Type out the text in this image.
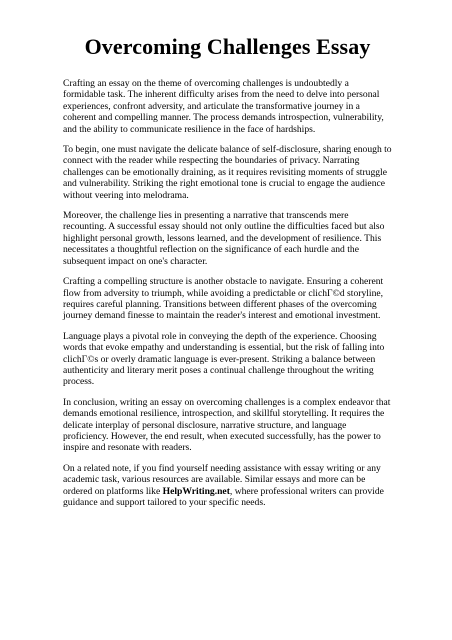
Overcoming Challenges Essay

Crafting an essay on the theme of overcoming challenges is undoubtedly a formidable task. The inherent difficulty arises from the need to delve into personal experiences, confront adversity, and articulate the transformative journey in a coherent and compelling manner. The process demands introspection, vulnerability, and the ability to communicate resilience in the face of hardships.

To begin, one must navigate the delicate balance of self-disclosure, sharing enough to connect with the reader while respecting the boundaries of privacy. Narrating challenges can be emotionally draining, as it requires revisiting moments of struggle and vulnerability. Striking the right emotional tone is crucial to engage the audience without veering into melodrama.

Moreover, the challenge lies in presenting a narrative that transcends mere recounting. A successful essay should not only outline the difficulties faced but also highlight personal growth, lessons learned, and the development of resilience. This necessitates a thoughtful reflection on the significance of each hurdle and the subsequent impact on one's character.

Crafting a compelling structure is another obstacle to navigate. Ensuring a coherent flow from adversity to triumph, while avoiding a predictable or clichГ©d storyline, requires careful planning. Transitions between different phases of the overcoming journey demand finesse to maintain the reader's interest and emotional investment.

Language plays a pivotal role in conveying the depth of the experience. Choosing words that evoke empathy and understanding is essential, but the risk of falling into clichГ©s or overly dramatic language is ever-present. Striking a balance between authenticity and literary merit poses a continual challenge throughout the writing process.

In conclusion, writing an essay on overcoming challenges is a complex endeavor that demands emotional resilience, introspection, and skillful storytelling. It requires the delicate interplay of personal disclosure, narrative structure, and language proficiency. However, the end result, when executed successfully, has the power to inspire and resonate with readers.

On a related note, if you find yourself needing assistance with essay writing or any academic task, various resources are available. Similar essays and more can be ordered on platforms like HelpWriting.net, where professional writers can provide guidance and support tailored to your specific needs.
